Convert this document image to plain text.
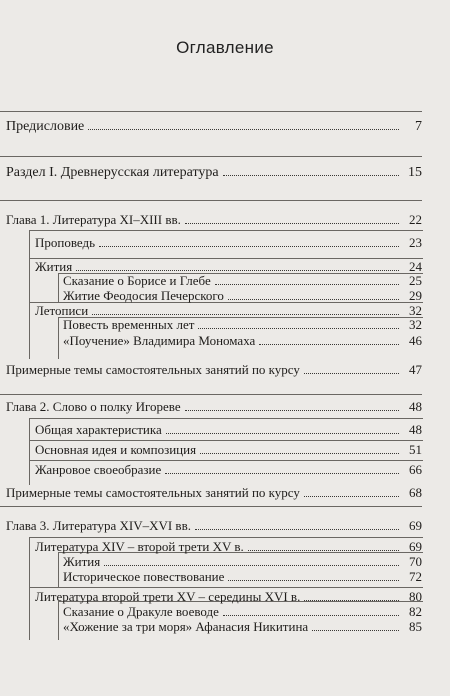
Оглавление
Предисловие	7
Раздел I. Древнерусская литература	15
Глава 1. Литература XI–XIII вв.	22
Проповедь	23
Жития	24
Сказание о Борисе и Глебе	25
Житие Феодосия Печерского	29
Летописи	32
Повесть временных лет	32
«Поучение» Владимира Мономаха	46
Примерные темы самостоятельных занятий по курсу	47
Глава 2. Слово о полку Игореве	48
Общая характеристика	48
Основная идея и композиция	51
Жанровое своеобразие	66
Примерные темы самостоятельных занятий по курсу	68
Глава 3. Литература XIV–XVI вв.	69
Литература XIV – второй трети XV в.	69
Жития	70
Историческое повествование	72
Литература второй трети XV – середины XVI в.	80
Сказание о Дракуле воеводе	82
«Хожение за три моря» Афанасия Никитина	85
